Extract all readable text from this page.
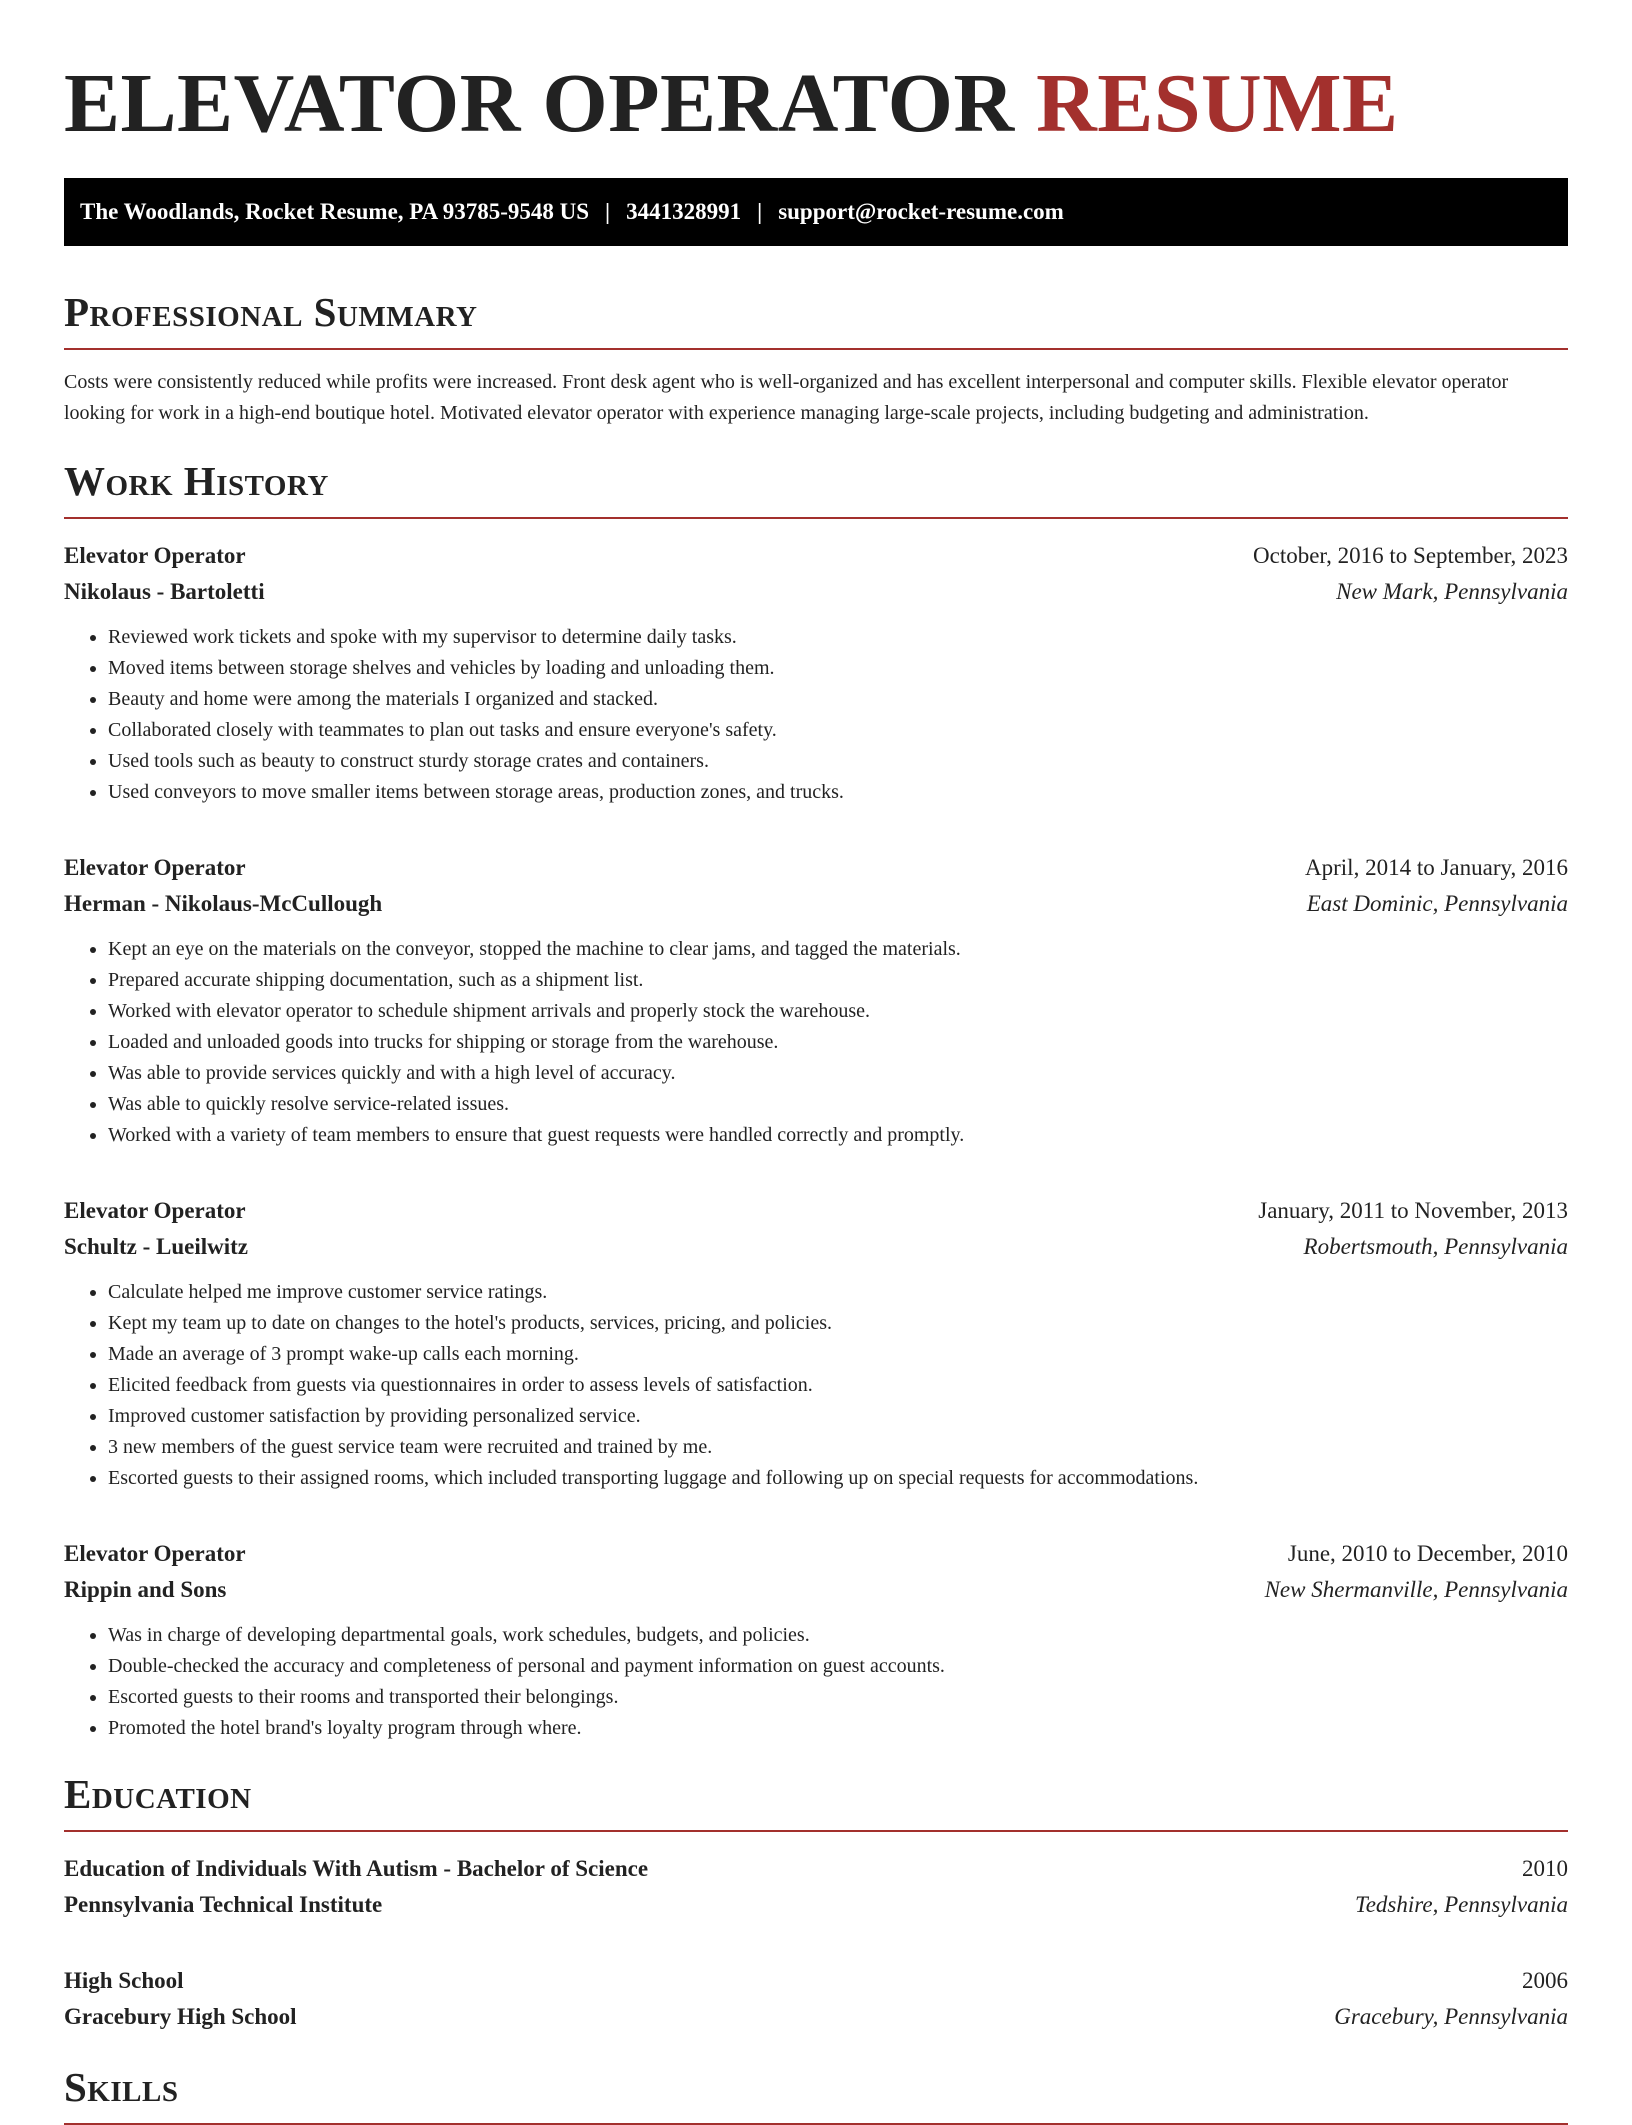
ELEVATOR OPERATOR RESUME
The Woodlands, Rocket Resume, PA 93785-9548 US | 3441328991 | support@rocket-resume.com
Professional Summary

Costs were consistently reduced while profits were increased. Front desk agent who is well-organized and has excellent interpersonal and computer skills. Flexible elevator operator looking for work in a high-end boutique hotel. Motivated elevator operator with experience managing large-scale projects, including budgeting and administration.

Work History
Elevator Operator	October, 2016 to September, 2023
Nikolaus - Bartoletti	New Mark, Pennsylvania
• Reviewed work tickets and spoke with my supervisor to determine daily tasks.
• Moved items between storage shelves and vehicles by loading and unloading them.
• Beauty and home were among the materials I organized and stacked.
• Collaborated closely with teammates to plan out tasks and ensure everyone's safety.
• Used tools such as beauty to construct sturdy storage crates and containers.
• Used conveyors to move smaller items between storage areas, production zones, and trucks.
Elevator Operator	April, 2014 to January, 2016
Herman - Nikolaus-McCullough	East Dominic, Pennsylvania
• Kept an eye on the materials on the conveyor, stopped the machine to clear jams, and tagged the materials.
• Prepared accurate shipping documentation, such as a shipment list.
• Worked with elevator operator to schedule shipment arrivals and properly stock the warehouse.
• Loaded and unloaded goods into trucks for shipping or storage from the warehouse.
• Was able to provide services quickly and with a high level of accuracy.
• Was able to quickly resolve service-related issues.
• Worked with a variety of team members to ensure that guest requests were handled correctly and promptly.
Elevator Operator	January, 2011 to November, 2013
Schultz - Lueilwitz	Robertsmouth, Pennsylvania
• Calculate helped me improve customer service ratings.
• Kept my team up to date on changes to the hotel's products, services, pricing, and policies.
• Made an average of 3 prompt wake-up calls each morning.
• Elicited feedback from guests via questionnaires in order to assess levels of satisfaction.
• Improved customer satisfaction by providing personalized service.
• 3 new members of the guest service team were recruited and trained by me.
• Escorted guests to their assigned rooms, which included transporting luggage and following up on special requests for accommodations.
Elevator Operator	June, 2010 to December, 2010
Rippin and Sons	New Shermanville, Pennsylvania
• Was in charge of developing departmental goals, work schedules, budgets, and policies.
• Double-checked the accuracy and completeness of personal and payment information on guest accounts.
• Escorted guests to their rooms and transported their belongings.
• Promoted the hotel brand's loyalty program through where.
Education
Education of Individuals With Autism - Bachelor of Science	2010
Pennsylvania Technical Institute	Tedshire, Pennsylvania
High School	2006
Gracebury High School	Gracebury, Pennsylvania
Skills
